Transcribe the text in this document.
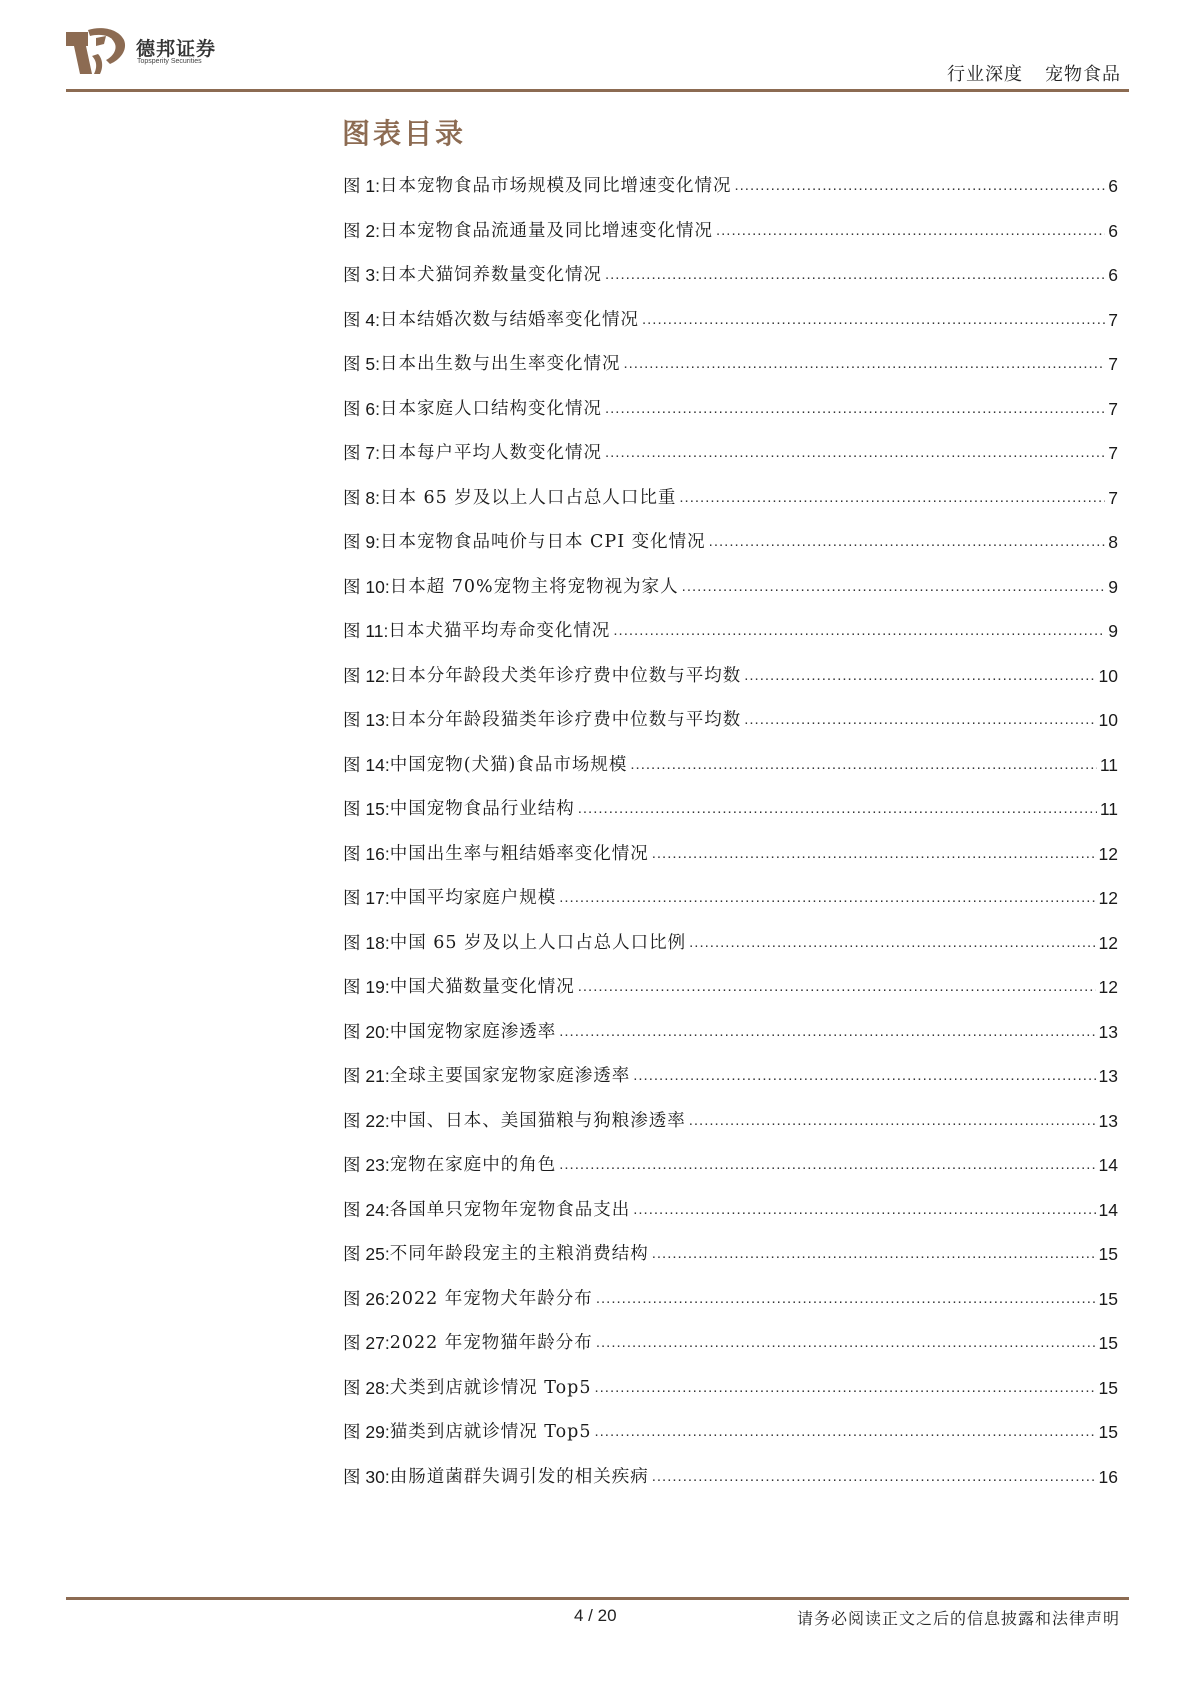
德邦证券
Topsperity Securities
行业深度 宠物食品
图表目录
图 1: 日本宠物食品市场规模及同比增速变化情况 .....	6
图 2: 日本宠物食品流通量及同比增速变化情况 .....	6
图 3: 日本犬猫饲养数量变化情况 .....	6
图 4: 日本结婚次数与结婚率变化情况 .....	7
图 5: 日本出生数与出生率变化情况 .....	7
图 6: 日本家庭人口结构变化情况 .....	7
图 7: 日本每户平均人数变化情况 .....	7
图 8: 日本 65 岁及以上人口占总人口比重 .....	7
图 9: 日本宠物食品吨价与日本 CPI 变化情况 .....	8
图 10: 日本超 70%宠物主将宠物视为家人 .....	9
图 11: 日本犬猫平均寿命变化情况 .....	9
图 12: 日本分年龄段犬类年诊疗费中位数与平均数 .....	10
图 13: 日本分年龄段猫类年诊疗费中位数与平均数 .....	10
图 14: 中国宠物(犬猫)食品市场规模 .....	11
图 15: 中国宠物食品行业结构 .....	11
图 16: 中国出生率与粗结婚率变化情况 .....	12
图 17: 中国平均家庭户规模 .....	12
图 18: 中国 65 岁及以上人口占总人口比例 .....	12
图 19: 中国犬猫数量变化情况 .....	12
图 20: 中国宠物家庭渗透率 .....	13
图 21: 全球主要国家宠物家庭渗透率 .....	13
图 22: 中国、日本、美国猫粮与狗粮渗透率 .....	13
图 23: 宠物在家庭中的角色 .....	14
图 24: 各国单只宠物年宠物食品支出 .....	14
图 25: 不同年龄段宠主的主粮消费结构 .....	15
图 26: 2022 年宠物犬年龄分布 .....	15
图 27: 2022 年宠物猫年龄分布 .....	15
图 28: 犬类到店就诊情况 Top5 .....	15
图 29: 猫类到店就诊情况 Top5 .....	15
图 30: 由肠道菌群失调引发的相关疾病 .....	16
4 / 20	请务必阅读正文之后的信息披露和法律声明
